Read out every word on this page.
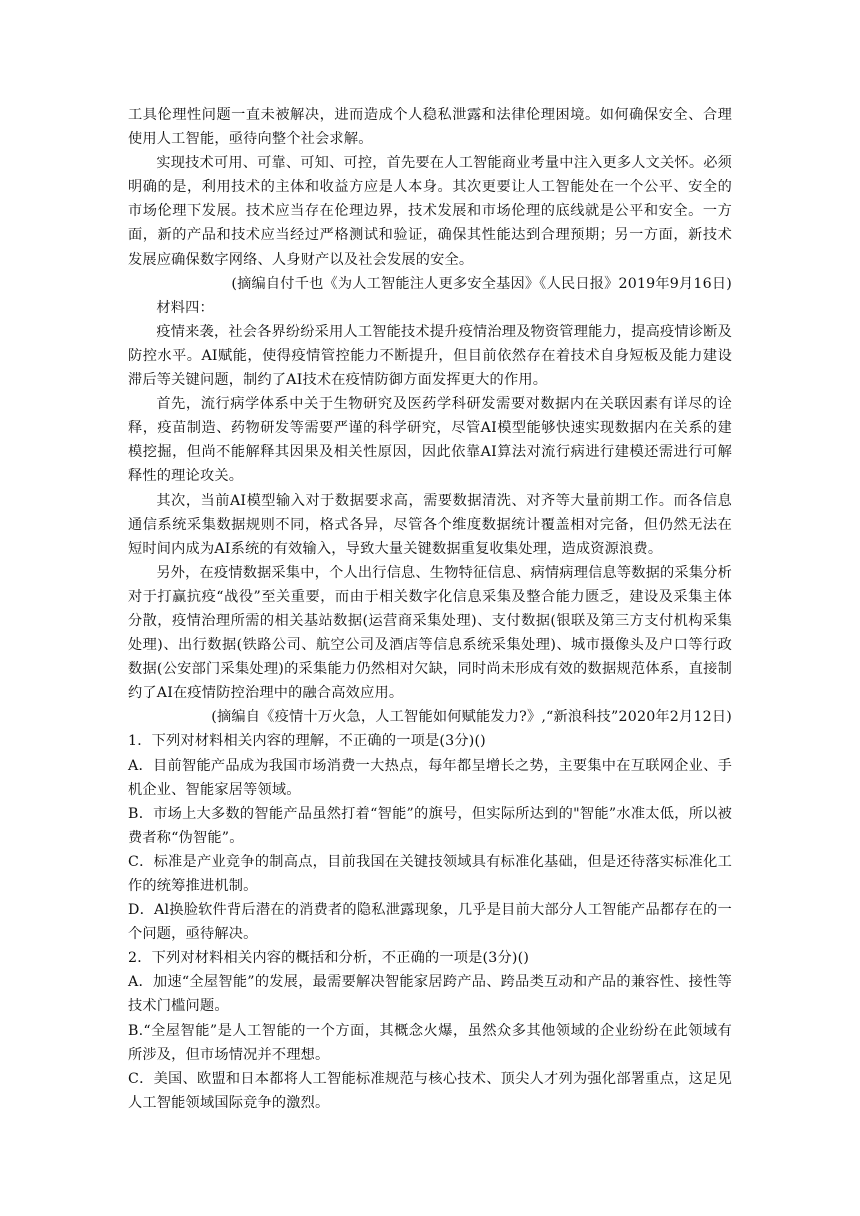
工具伦理性问题一直未被解决，进而造成个人稳私泄露和法律伦理困境。如何确保安全、合理使用人工智能，亟待向整个社会求解。

实现技术可用、可靠、可知、可控，首先要在人工智能商业考量中注入更多人文关怀。必须明确的是，利用技术的主体和收益方应是人本身。其次更要让人工智能处在一个公平、安全的市场伦理下发展。技术应当存在伦理边界，技术发展和市场伦理的底线就是公平和安全。一方面，新的产品和技术应当经过严格测试和验证，确保其性能达到合理预期；另一方面，新技术发展应确保数字网络、人身财产以及社会发展的安全。

(摘编自付千也《为人工智能注人更多安全基因》《人民日报》2019年9月16日)

材料四：

疫情来袭，社会各界纷纷采用人工智能技术提升疫情治理及物资管理能力，提高疫情诊断及防控水平。AI赋能，使得疫情管控能力不断提升，但目前依然存在着技术自身短板及能力建设滞后等关键问题，制约了AI技术在疫情防御方面发挥更大的作用。

首先，流行病学体系中关于生物研究及医药学科研发需要对数据内在关联因素有详尽的诠释，疫苗制造、药物研发等需要严谨的科学研究，尽管AI模型能够快速实现数据内在关系的建模挖掘，但尚不能解释其因果及相关性原因，因此依靠AI算法对流行病进行建模还需进行可解释性的理论攻关。

其次，当前AI模型输入对于数据要求高，需要数据清洗、对齐等大量前期工作。而各信息通信系统采集数据规则不同，格式各异，尽管各个维度数据统计覆盖相对完备，但仍然无法在短时间内成为AI系统的有效输入，导致大量关键数据重复收集处理，造成资源浪费。

另外，在疫情数据采集中，个人出行信息、生物特征信息、病情病理信息等数据的采集分析对于打赢抗疫“战役”至关重要，而由于相关数字化信息采集及整合能力匮乏，建设及采集主体分散，疫情治理所需的相关基站数据(运营商采集处理)、支付数据(银联及第三方支付机构采集处理)、出行数据(铁路公司、航空公司及酒店等信息系统采集处理)、城市摄像头及户口等行政数据(公安部门采集处理)的采集能力仍然相对欠缺，同时尚未形成有效的数据规范体系，直接制约了AI在疫情防控治理中的融合高效应用。

(摘编自《疫情十万火急，人工智能如何赋能发力?》,“新浪科技”2020年2月12日)

1．下列对材料相关内容的理解，不正确的一项是(3分)()

A．目前智能产品成为我国市场消费一大热点，每年都呈增长之势，主要集中在互联网企业、手机企业、智能家居等领域。

B．市场上大多数的智能产品虽然打着“智能”的旗号，但实际所达到的"智能”水准太低，所以被费者称“伪智能”。

C．标准是产业竞争的制高点，目前我国在关键技领域具有标准化基础，但是还待落实标准化工作的统筹推进机制。

D．Al换脸软件背后潜在的消费者的隐私泄露现象，几乎是目前大部分人工智能产品都存在的一个问题，亟待解决。

2．下列对材料相关内容的概括和分析，不正确的一项是(3分)()

A．加速“全屋智能”的发展，最需要解决智能家居跨产品、跨品类互动和产品的兼容性、接性等技术门槛问题。

B.“全屋智能”是人工智能的一个方面，其概念火爆，虽然众多其他领域的企业纷纷在此领域有所涉及，但市场情况并不理想。

C．美国、欧盟和日本都将人工智能标准规范与核心技术、顶尖人才列为强化部署重点，这足见人工智能领域国际竞争的激烈。
